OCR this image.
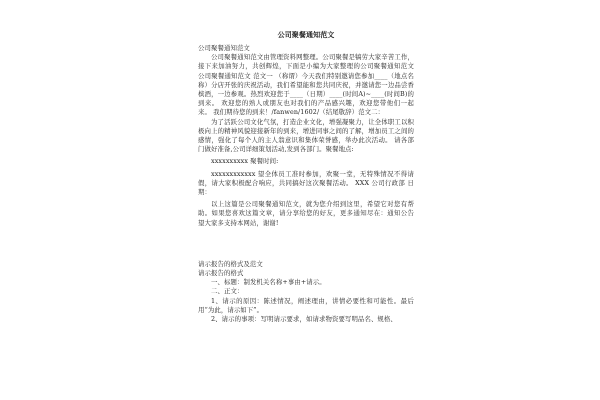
公司聚餐通知范文

公司聚餐通知范文

公司聚餐通知范文由管理资料网整理。公司聚餐是犒劳大家辛苦工作，接下来加油努力，共创辉煌，下面是小编为大家整理的公司聚餐通知范文 公司聚餐通知范文 范文一 （称谓）今天我们特别邀请您参加____（地点名称）分店开张的庆祝活动，我们希望能和您共同庆祝，并邀请您一边品尝香槟酒，一边参观。热烈欢迎您于____（日期）____(时间A)~____(时间B)的到来。 欢迎您的熟人或朋友也对我们的产品感兴趣，欢迎您带他们一起来。 我们期待您的到来！/fanwen/1602/（结尾敬辞）范文二：

为了活跃公司文化气氛，打造企业文化，增强凝聚力，让全体职工以积极向上的精神风貌迎接新年的到来，增进同事之间的了解，增加员工之间的感情，强化了每个人的主人翁意识和集体荣誉感，举办此次活动。 请各部门做好准备,公司详细策划活动,发到各部门。聚餐地点:

xxxxxxxxxx 聚餐时间:

xxxxxxxxxxxx 望全体员工准时参加，欢聚一堂，无特殊情况不得请假，请大家积极配合响应，共同搞好这次聚餐活动。 XXX 公司行政部 日期：

以上这篇是公司聚餐通知范文，就为您介绍到这里，希望它对您有帮助。如果您喜欢这篇文章，请分享给您的好友，更多通知尽在：通知公告 望大家多支持本网站，谢谢!

请示报告的格式及范文

请示报告的格式

一、标题：制发机关名称+事由+请示。

二、正文：

1、请示的原因：陈述情况，阐述理由，讲情必要性和可能性。最后用“为此，请示如下”。

2、请示的事项：写明请示要求，如请求物资要写明品名、规格、
